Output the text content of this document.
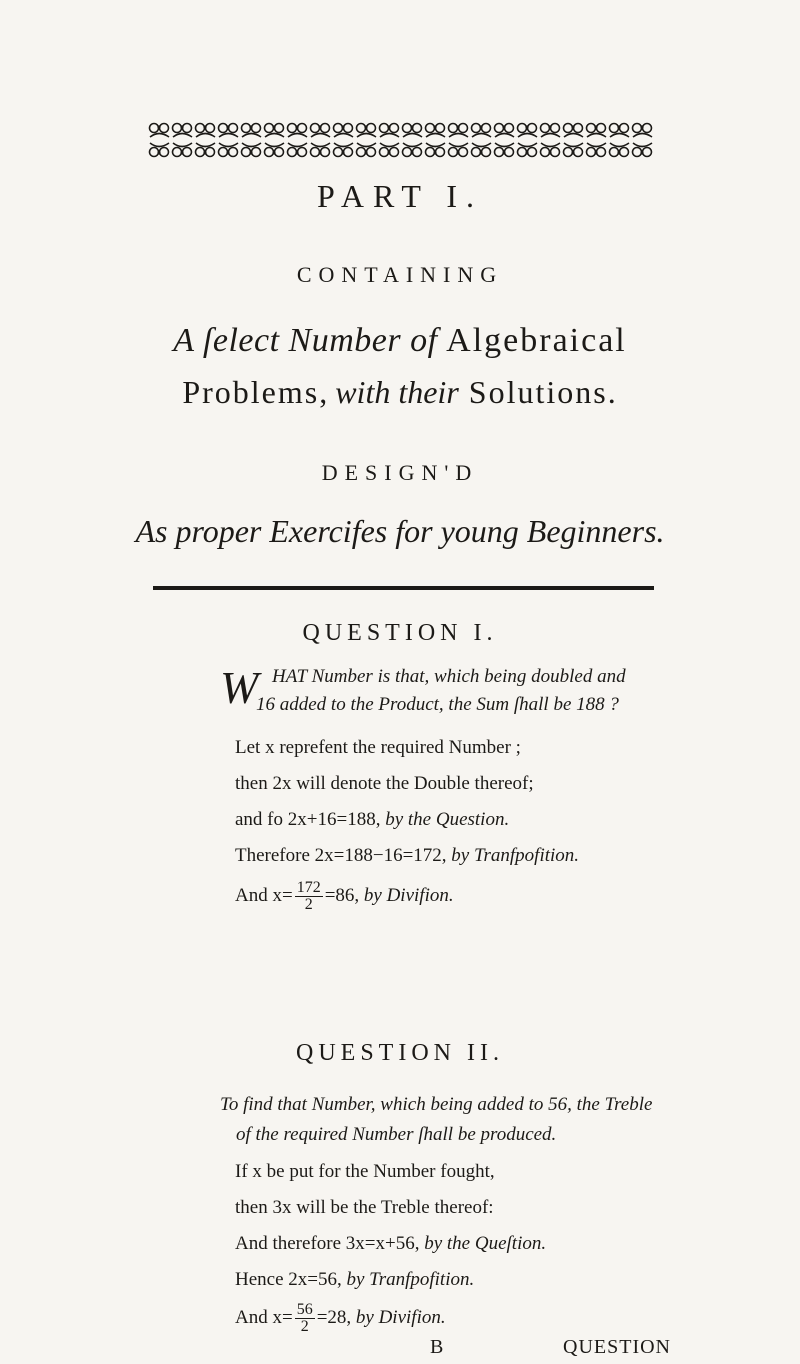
PART I.
CONTAINING
A ſelect Number of Algebraical
Problems, with their Solutions.
DESIGN'D
As proper Exercifes for young Beginners.
QUESTION I.
W HAT Number is that, which being doubled and
16 added to the Product, the Sum ſhall be 188 ?
Let x reprefent the required Number ;
then 2x will denote the Double thereof;
and fo 2x+16=188, by the Question.
Therefore 2x=188−16=172, by Tranfpofition.
And $x= \frac{172}{2} =86$, by Divifion.
QUESTION II.
To find that Number, which being added to 56, the Treble
of the required Number ſhall be produced.
If x be put for the Number fought,
then 3x will be the Treble thereof:
And therefore 3x=x+56, by the Queſtion.
Hence 2x=56, by Tranfpofition.
And $x= \frac{56}{2} =28$, by Divifion.
B	QUESTION
